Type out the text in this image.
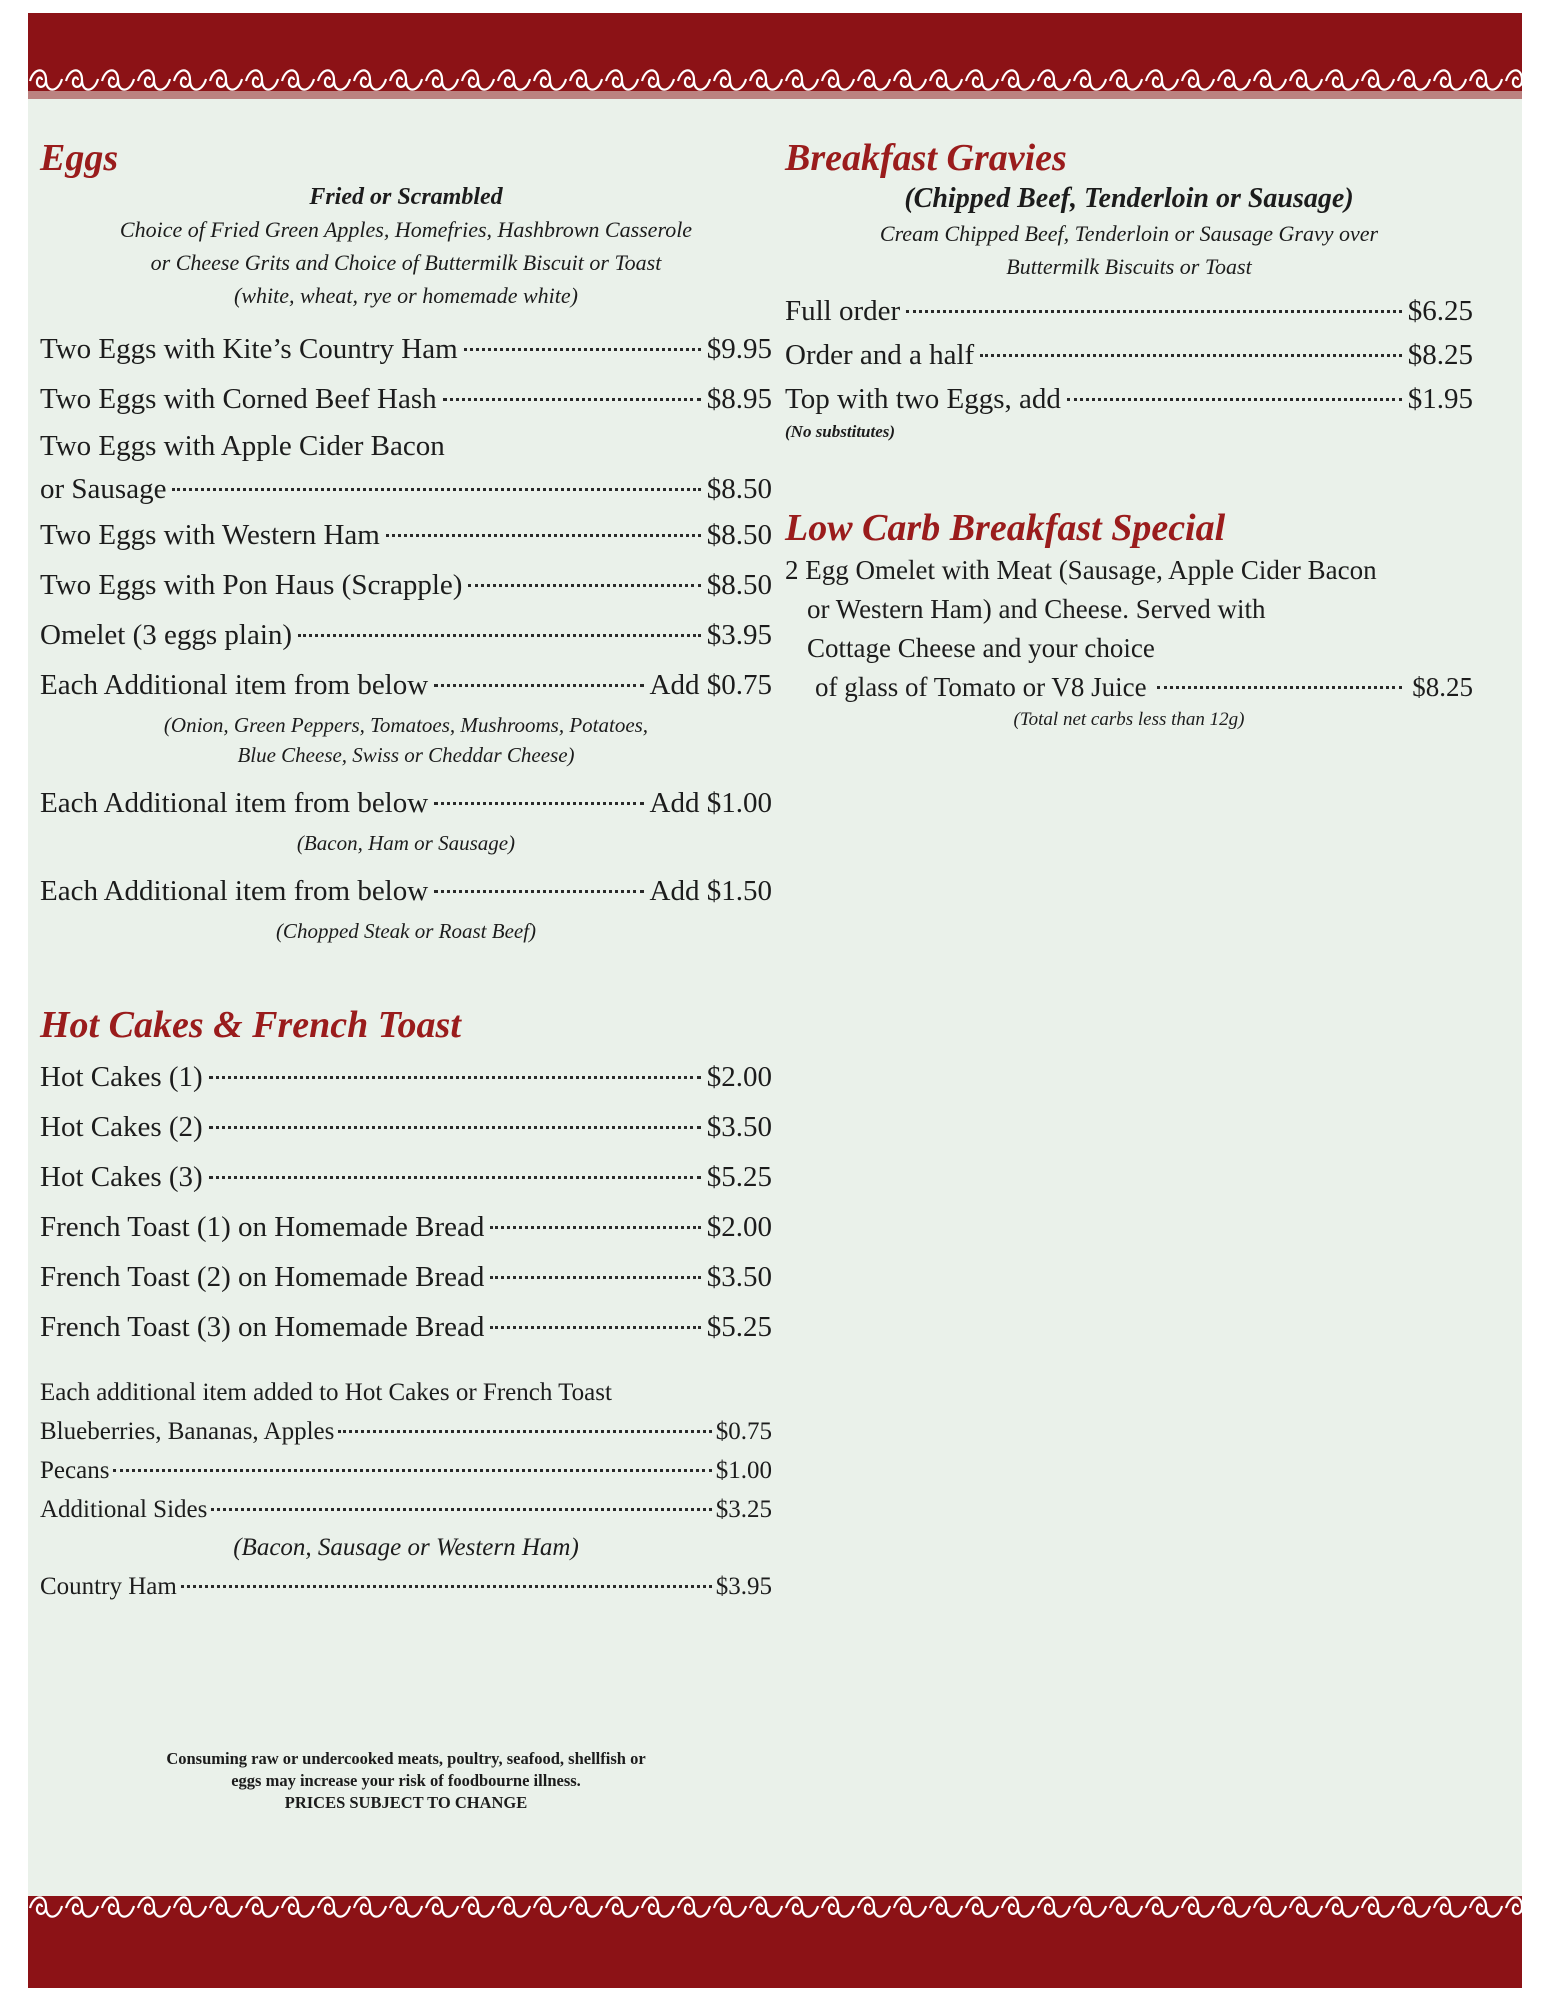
Eggs
Fried or Scrambled
Choice of Fried Green Apples, Homefries, Hashbrown Casserole
or Cheese Grits and Choice of Buttermilk Biscuit or Toast
(white, wheat, rye or homemade white)
Two Eggs with Kite’s Country Ham	$9.95
Two Eggs with Corned Beef Hash	$8.95
Two Eggs with Apple Cider Bacon
or Sausage	$8.50
Two Eggs with Western Ham	$8.50
Two Eggs with Pon Haus (Scrapple)	$8.50
Omelet (3 eggs plain)	$3.95
Each Additional item from below	Add $0.75
(Onion, Green Peppers, Tomatoes, Mushrooms, Potatoes,
Blue Cheese, Swiss or Cheddar Cheese)
Each Additional item from below	Add $1.00
(Bacon, Ham or Sausage)
Each Additional item from below	Add $1.50
(Chopped Steak or Roast Beef)
Hot Cakes & French Toast
Hot Cakes (1)	$2.00
Hot Cakes (2)	$3.50
Hot Cakes (3)	$5.25
French Toast (1) on Homemade Bread	$2.00
French Toast (2) on Homemade Bread	$3.50
French Toast (3) on Homemade Bread	$5.25
Each additional item added to Hot Cakes or French Toast
Blueberries, Bananas, Apples	$0.75
Pecans	$1.00
Additional Sides	$3.25
(Bacon, Sausage or Western Ham)
Country Ham	$3.95
Breakfast Gravies
(Chipped Beef, Tenderloin or Sausage)
Cream Chipped Beef, Tenderloin or Sausage Gravy over
Buttermilk Biscuits or Toast
Full order	$6.25
Order and a half	$8.25
Top with two Eggs, add	$1.95
(No substitutes)
Low Carb Breakfast Special
2 Egg Omelet with Meat (Sausage, Apple Cider Bacon
or Western Ham) and Cheese. Served with
Cottage Cheese and your choice
of glass of Tomato or V8 Juice	$8.25
(Total net carbs less than 12g)
Consuming raw or undercooked meats, poultry, seafood, shellfish or
eggs may increase your risk of foodbourne illness.
PRICES SUBJECT TO CHANGE
